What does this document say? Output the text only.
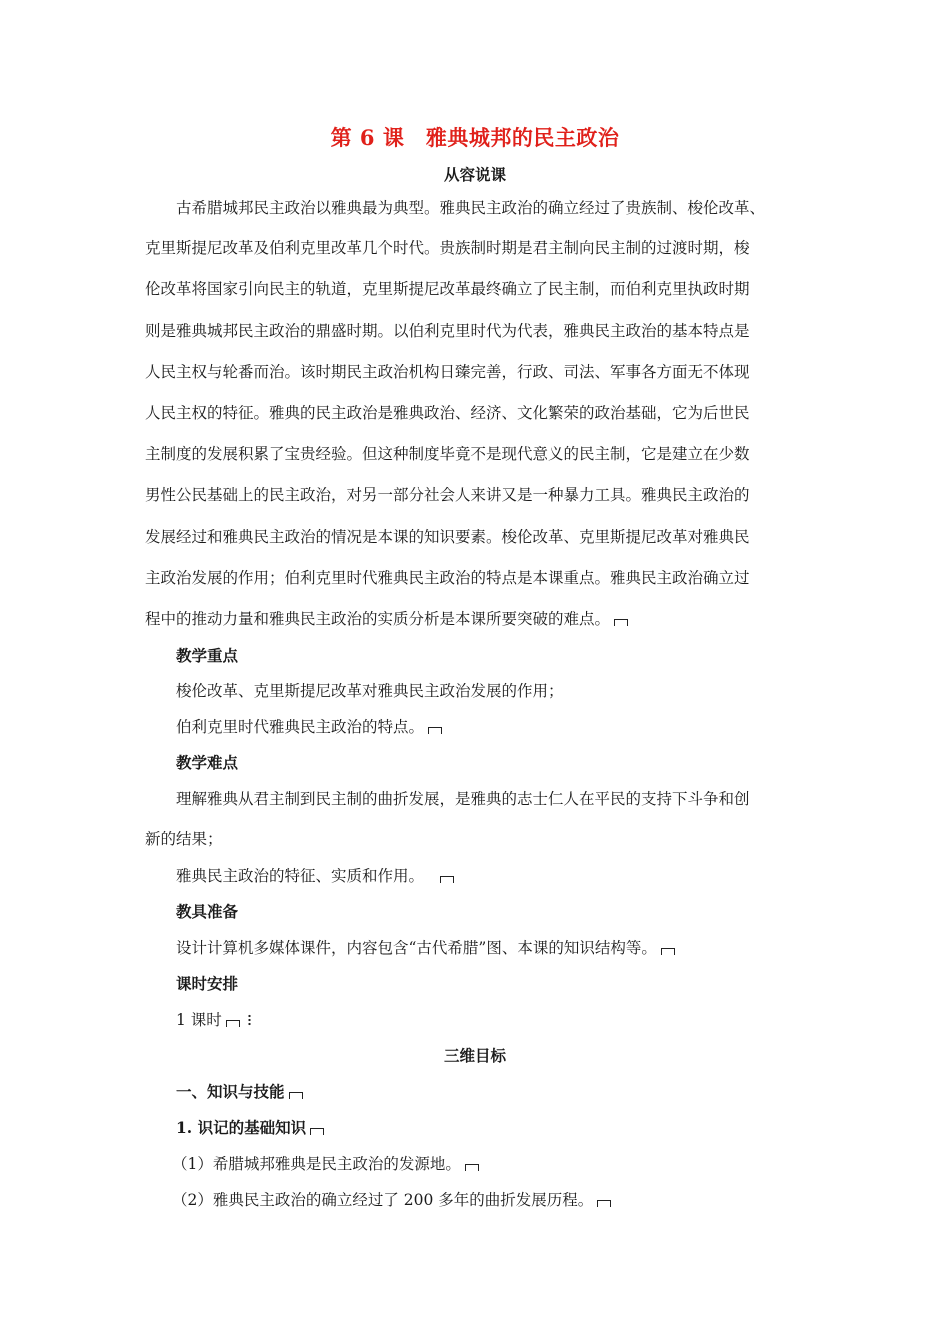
第 6 课　雅典城邦的民主政治
从容说课
古希腊城邦民主政治以雅典最为典型。雅典民主政治的确立经过了贵族制、梭伦改革、
克里斯提尼改革及伯利克里改革几个时代。贵族制时期是君主制向民主制的过渡时期，梭
伦改革将国家引向民主的轨道，克里斯提尼改革最终确立了民主制，而伯利克里执政时期
则是雅典城邦民主政治的鼎盛时期。以伯利克里时代为代表，雅典民主政治的基本特点是
人民主权与轮番而治。该时期民主政治机构日臻完善，行政、司法、军事各方面无不体现
人民主权的特征。雅典的民主政治是雅典政治、经济、文化繁荣的政治基础，它为后世民
主制度的发展积累了宝贵经验。但这种制度毕竟不是现代意义的民主制，它是建立在少数
男性公民基础上的民主政治，对另一部分社会人来讲又是一种暴力工具。雅典民主政治的
发展经过和雅典民主政治的情况是本课的知识要素。梭伦改革、克里斯提尼改革对雅典民
主政治发展的作用；伯利克里时代雅典民主政治的特点是本课重点。雅典民主政治确立过
程中的推动力量和雅典民主政治的实质分析是本课所要突破的难点。
教学重点
梭伦改革、克里斯提尼改革对雅典民主政治发展的作用；
伯利克里时代雅典民主政治的特点。
教学难点
理解雅典从君主制到民主制的曲折发展，是雅典的志士仁人在平民的支持下斗争和创
新的结果；
雅典民主政治的特征、实质和作用。
教具准备
设计计算机多媒体课件，内容包含“古代希腊”图、本课的知识结构等。
课时安排
1 课时
三维目标
一、知识与技能
1. 识记的基础知识
（1）希腊城邦雅典是民主政治的发源地。
（2）雅典民主政治的确立经过了 200 多年的曲折发展历程。
